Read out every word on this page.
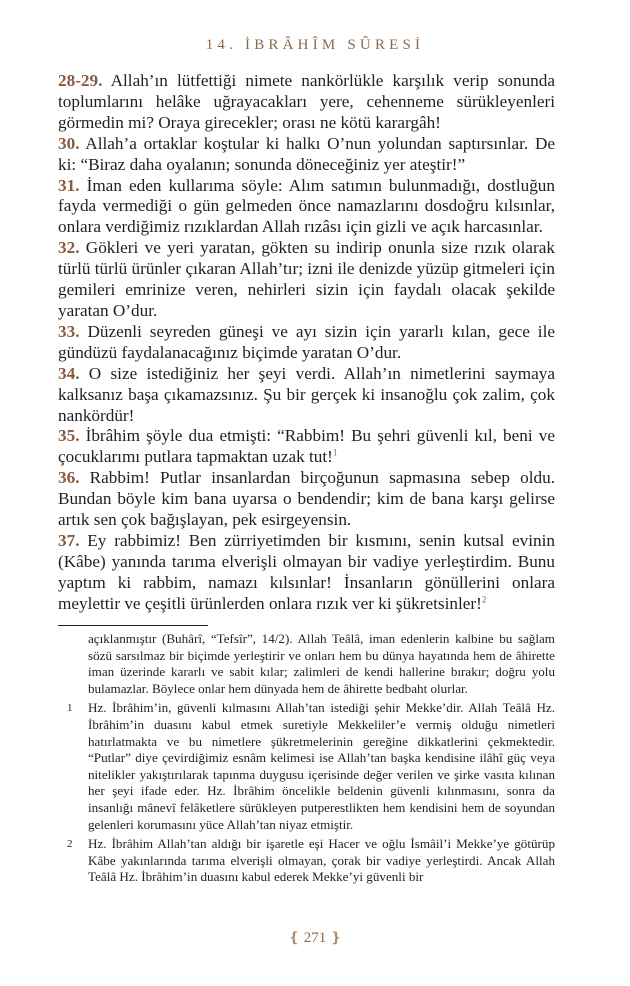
14. İBRÂHÎM SÛRESİ

28-29. Allah’ın lütfettiği nimete nankörlükle karşılık verip sonunda toplumlarını helâke uğrayacakları yere, cehenneme sürükleyenleri görmedin mi? Oraya girecekler; orası ne kötü karargâh!

30. Allah’a ortaklar koştular ki halkı O’nun yolundan saptırsınlar. De ki: “Biraz daha oyalanın; sonunda döneceğiniz yer ateştir!”

31. İman eden kullarıma söyle: Alım satımın bulunmadığı, dostluğun fayda vermediği o gün gelmeden önce namazlarını dosdoğru kılsınlar, onlara verdiğimiz rızıklardan Allah rızâsı için gizli ve açık harcasınlar.

32. Gökleri ve yeri yaratan, gökten su indirip onunla size rızık olarak türlü türlü ürünler çıkaran Allah’tır; izni ile denizde yüzüp gitmeleri için gemileri emrinize veren, nehirleri sizin için faydalı olacak şekilde yaratan O’dur.

33. Düzenli seyreden güneşi ve ayı sizin için yararlı kılan, gece ile gündüzü faydalanacağınız biçimde yaratan O’dur.

34. O size istediğiniz her şeyi verdi. Allah’ın nimetlerini saymaya kalksanız başa çıkamazsınız. Şu bir gerçek ki insanoğlu çok zalim, çok nankördür!

35. İbrâhim şöyle dua etmişti: “Rabbim! Bu şehri güvenli kıl, beni ve çocuklarımı putlara tapmaktan uzak tut!$^1$

36. Rabbim! Putlar insanlardan birçoğunun sapmasına sebep oldu. Bundan böyle kim bana uyarsa o bendendir; kim de bana karşı gelirse artık sen çok bağışlayan, pek esirgeyensin.

37. Ey rabbimiz! Ben zürriyetimden bir kısmını, senin kutsal evinin (Kâbe) yanında tarıma elverişli olmayan bir vadiye yerleştirdim. Bunu yaptım ki rabbim, namazı kılsınlar! İnsanların gönüllerini onlara meylettir ve çeşitli ürünlerden onlara rızık ver ki şükretsinler!$^2$

açıklanmıştır (Buhârî, “Tefsîr”, 14/2). Allah Teâlâ, iman edenlerin kalbine bu sağlam sözü sarsılmaz bir biçimde yerleştirir ve onları hem bu dünya hayatında hem de âhirette iman üzerinde kararlı ve sabit kılar; zalimleri de kendi hallerine bırakır; doğru yolu bulamazlar. Böylece onlar hem dünyada hem de âhirette bedbaht olurlar.

1 Hz. İbrâhim’in, güvenli kılmasını Allah’tan istediği şehir Mekke’dir. Allah Teâlâ Hz. İbrâhim’in duasını kabul etmek suretiyle Mekkeliler’e vermiş olduğu nimetleri hatırlatmakta ve bu nimetlere şükretmelerinin gereğine dikkatlerini çekmektedir. “Putlar” diye çevirdiğimiz esnâm kelimesi ise Allah’tan başka kendisine ilâhî güç veya nitelikler yakıştırılarak tapınma duygusu içerisinde değer verilen ve şirke vasıta kılınan her şeyi ifade eder. Hz. İbrâhim öncelikle beldenin güvenli kılınmasını, sonra da insanlığı mânevî felâketlere sürükleyen putperestlikten hem kendisini hem de soyundan gelenleri korumasını yüce Allah’tan niyaz etmiştir.

2 Hz. İbrâhim Allah’tan aldığı bir işaretle eşi Hacer ve oğlu İsmâil’i Mekke’ye götürüp Kâbe yakınlarında tarıma elverişli olmayan, çorak bir vadiye yerleştirdi. Ancak Allah Teâlâ Hz. İbrâhim’in duasını kabul ederek Mekke’yi güvenli bir

❴ 271 ❵
